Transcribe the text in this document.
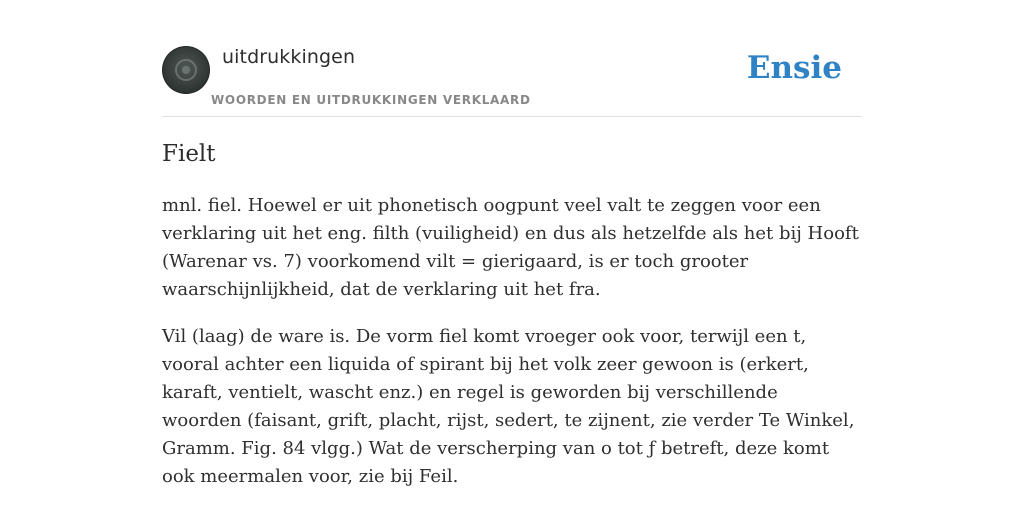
uitdrukkingen
WOORDEN EN UITDRUKKINGEN VERKLAARD
Ensie
Fielt

mnl. fiel. Hoewel er uit phonetisch oogpunt veel valt te zeggen voor een verklaring uit het eng. filth (vuiligheid) en dus als hetzelfde als het bij Hooft (Warenar vs. 7) voorkomend vilt = gierigaard, is er toch grooter waarschijnlijkheid, dat de verklaring uit het fra.

Vil (laag) de ware is. De vorm fiel komt vroeger ook voor, terwijl een t, vooral achter een liquida of spirant bij het volk zeer gewoon is (erkert, karaft, ventielt, wascht enz.) en regel is geworden bij verschillende woorden (faisant, grift, placht, rijst, sedert, te zijnent, zie verder Te Winkel, Gramm. Fig. 84 vlgg.) Wat de verscherping van o tot ƒ betreft, deze komt ook meermalen voor, zie bij Feil.
